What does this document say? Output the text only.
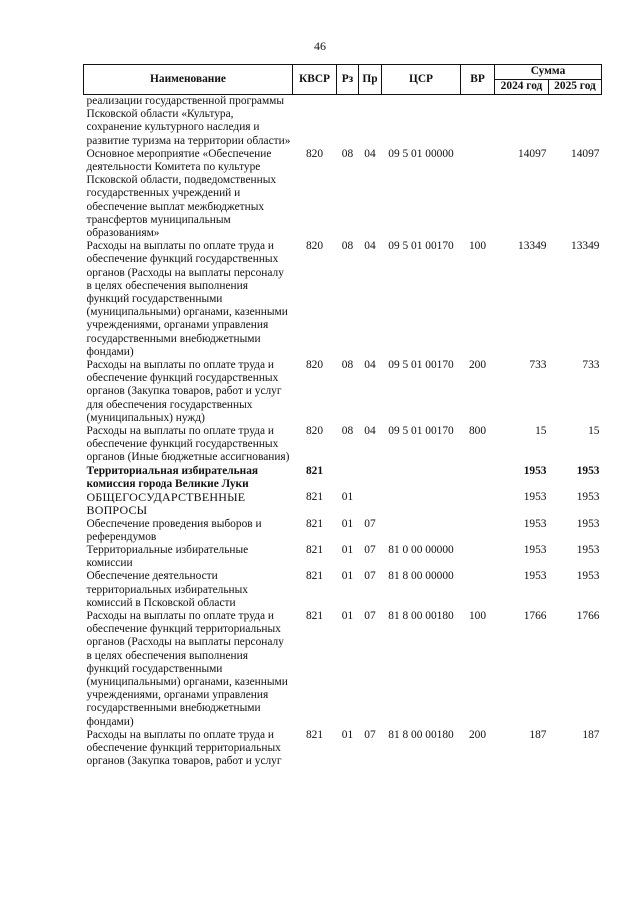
46
Наименование	КВСР	Рз	Пр	ЦСР	ВР	Сумма	
						2024 год	2025 год
реализации государственной программы Псковской области «Культура, сохранение культурного наследия и развитие туризма на территории области»							
Основное мероприятие «Обеспечение деятельности Комитета по культуре Псковской области, подведомственных государственных учреждений и обеспечение выплат межбюджетных трансфертов муниципальным образованиям»	820	08	04	09 5 01 00000		14097	14097
Расходы на выплаты по оплате труда и обеспечение функций государственных органов (Расходы на выплаты персоналу в целях обеспечения выполнения функций государственными (муниципальными) органами, казенными учреждениями, органами управления государственными внебюджетными фондами)	820	08	04	09 5 01 00170	100	13349	13349
Расходы на выплаты по оплате труда и обеспечение функций государственных органов (Закупка товаров, работ и услуг для обеспечения государственных (муниципальных) нужд)	820	08	04	09 5 01 00170	200	733	733
Расходы на выплаты по оплате труда и обеспечение функций государственных органов (Иные бюджетные ассигнования)	820	08	04	09 5 01 00170	800	15	15
Территориальная избирательная комиссия города Великие Луки	821					1953	1953
ОБЩЕГОСУДАРСТВЕННЫЕ ВОПРОСЫ	821	01				1953	1953
Обеспечение проведения выборов и референдумов	821	01	07			1953	1953
Территориальные избирательные комиссии	821	01	07	81 0 00 00000		1953	1953
Обеспечение деятельности территориальных избирательных комиссий в Псковской области	821	01	07	81 8 00 00000		1953	1953
Расходы на выплаты по оплате труда и обеспечение функций территориальных органов (Расходы на выплаты персоналу в целях обеспечения выполнения функций государственными (муниципальными) органами, казенными учреждениями, органами управления государственными внебюджетными фондами)	821	01	07	81 8 00 00180	100	1766	1766
Расходы на выплаты по оплате труда и обеспечение функций территориальных органов (Закупка товаров, работ и услуг	821	01	07	81 8 00 00180	200	187	187
